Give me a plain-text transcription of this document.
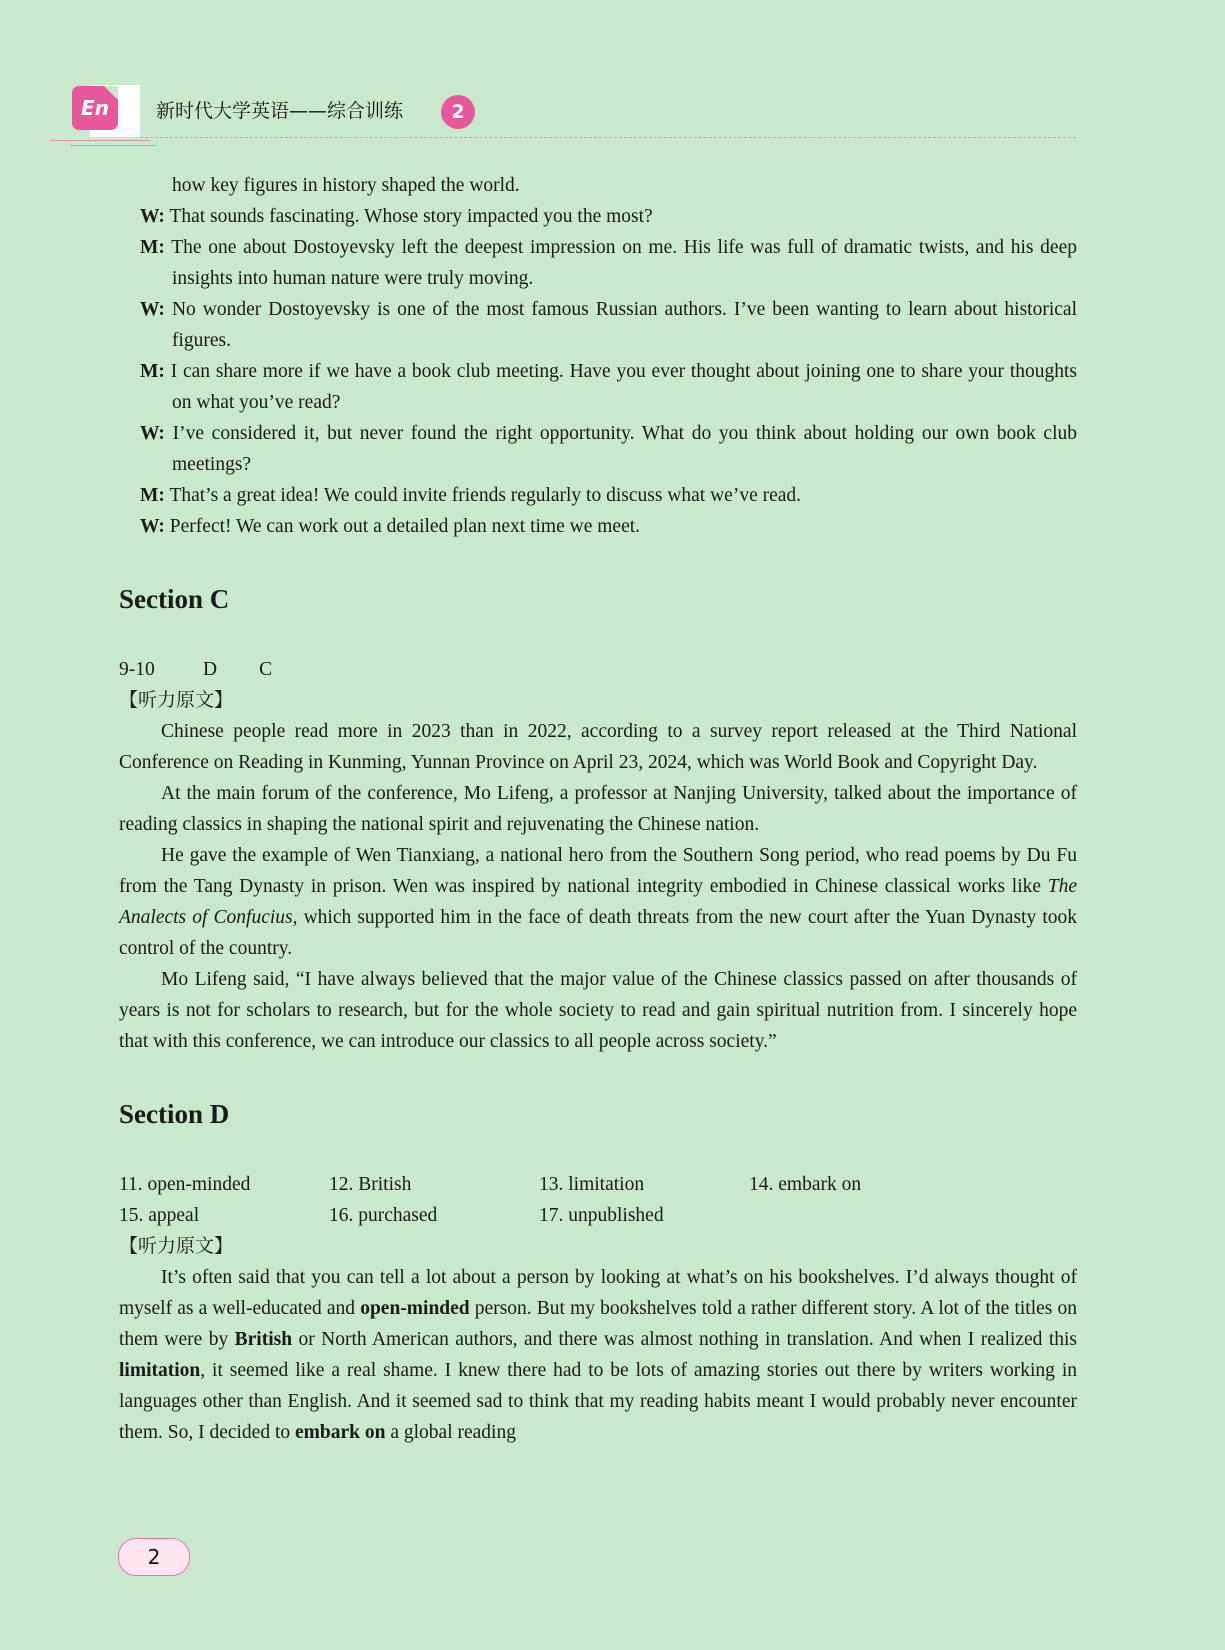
En	新时代大学英语——综合训练	2
how key figures in history shaped the world.
W: That sounds fascinating. Whose story impacted you the most?
M: The one about Dostoyevsky left the deepest impression on me. His life was full of dramatic twists, and his deep insights into human nature were truly moving.
W: No wonder Dostoyevsky is one of the most famous Russian authors. I’ve been wanting to learn about historical figures.
M: I can share more if we have a book club meeting. Have you ever thought about joining one to share your thoughts on what you’ve read?
W: I’ve considered it, but never found the right opportunity. What do you think about holding our own book club meetings?
M: That’s a great idea! We could invite friends regularly to discuss what we’ve read.
W: Perfect! We can work out a detailed plan next time we meet.
Section C
9-10 D C
【听力原文】

Chinese people read more in 2023 than in 2022, according to a survey report released at the Third National Conference on Reading in Kunming, Yunnan Province on April 23, 2024, which was World Book and Copyright Day.

At the main forum of the conference, Mo Lifeng, a professor at Nanjing University, talked about the importance of reading classics in shaping the national spirit and rejuvenating the Chinese nation.

He gave the example of Wen Tianxiang, a national hero from the Southern Song period, who read poems by Du Fu from the Tang Dynasty in prison. Wen was inspired by national integrity embodied in Chinese classical works like The Analects of Confucius, which supported him in the face of death threats from the new court after the Yuan Dynasty took control of the country.

Mo Lifeng said, “I have always believed that the major value of the Chinese classics passed on after thousands of years is not for scholars to research, but for the whole society to read and gain spiritual nutrition from. I sincerely hope that with this conference, we can introduce our classics to all people across society.”

Section D
11. open-minded	12. British	13. limitation	14. embark on
15. appeal	16. purchased	17. unpublished
【听力原文】

It’s often said that you can tell a lot about a person by looking at what’s on his bookshelves. I’d always thought of myself as a well-educated and open-minded person. But my bookshelves told a rather different story. A lot of the titles on them were by British or North American authors, and there was almost nothing in translation. And when I realized this limitation, it seemed like a real shame. I knew there had to be lots of amazing stories out there by writers working in languages other than English. And it seemed sad to think that my reading habits meant I would probably never encounter them. So, I decided to embark on a global reading

2
